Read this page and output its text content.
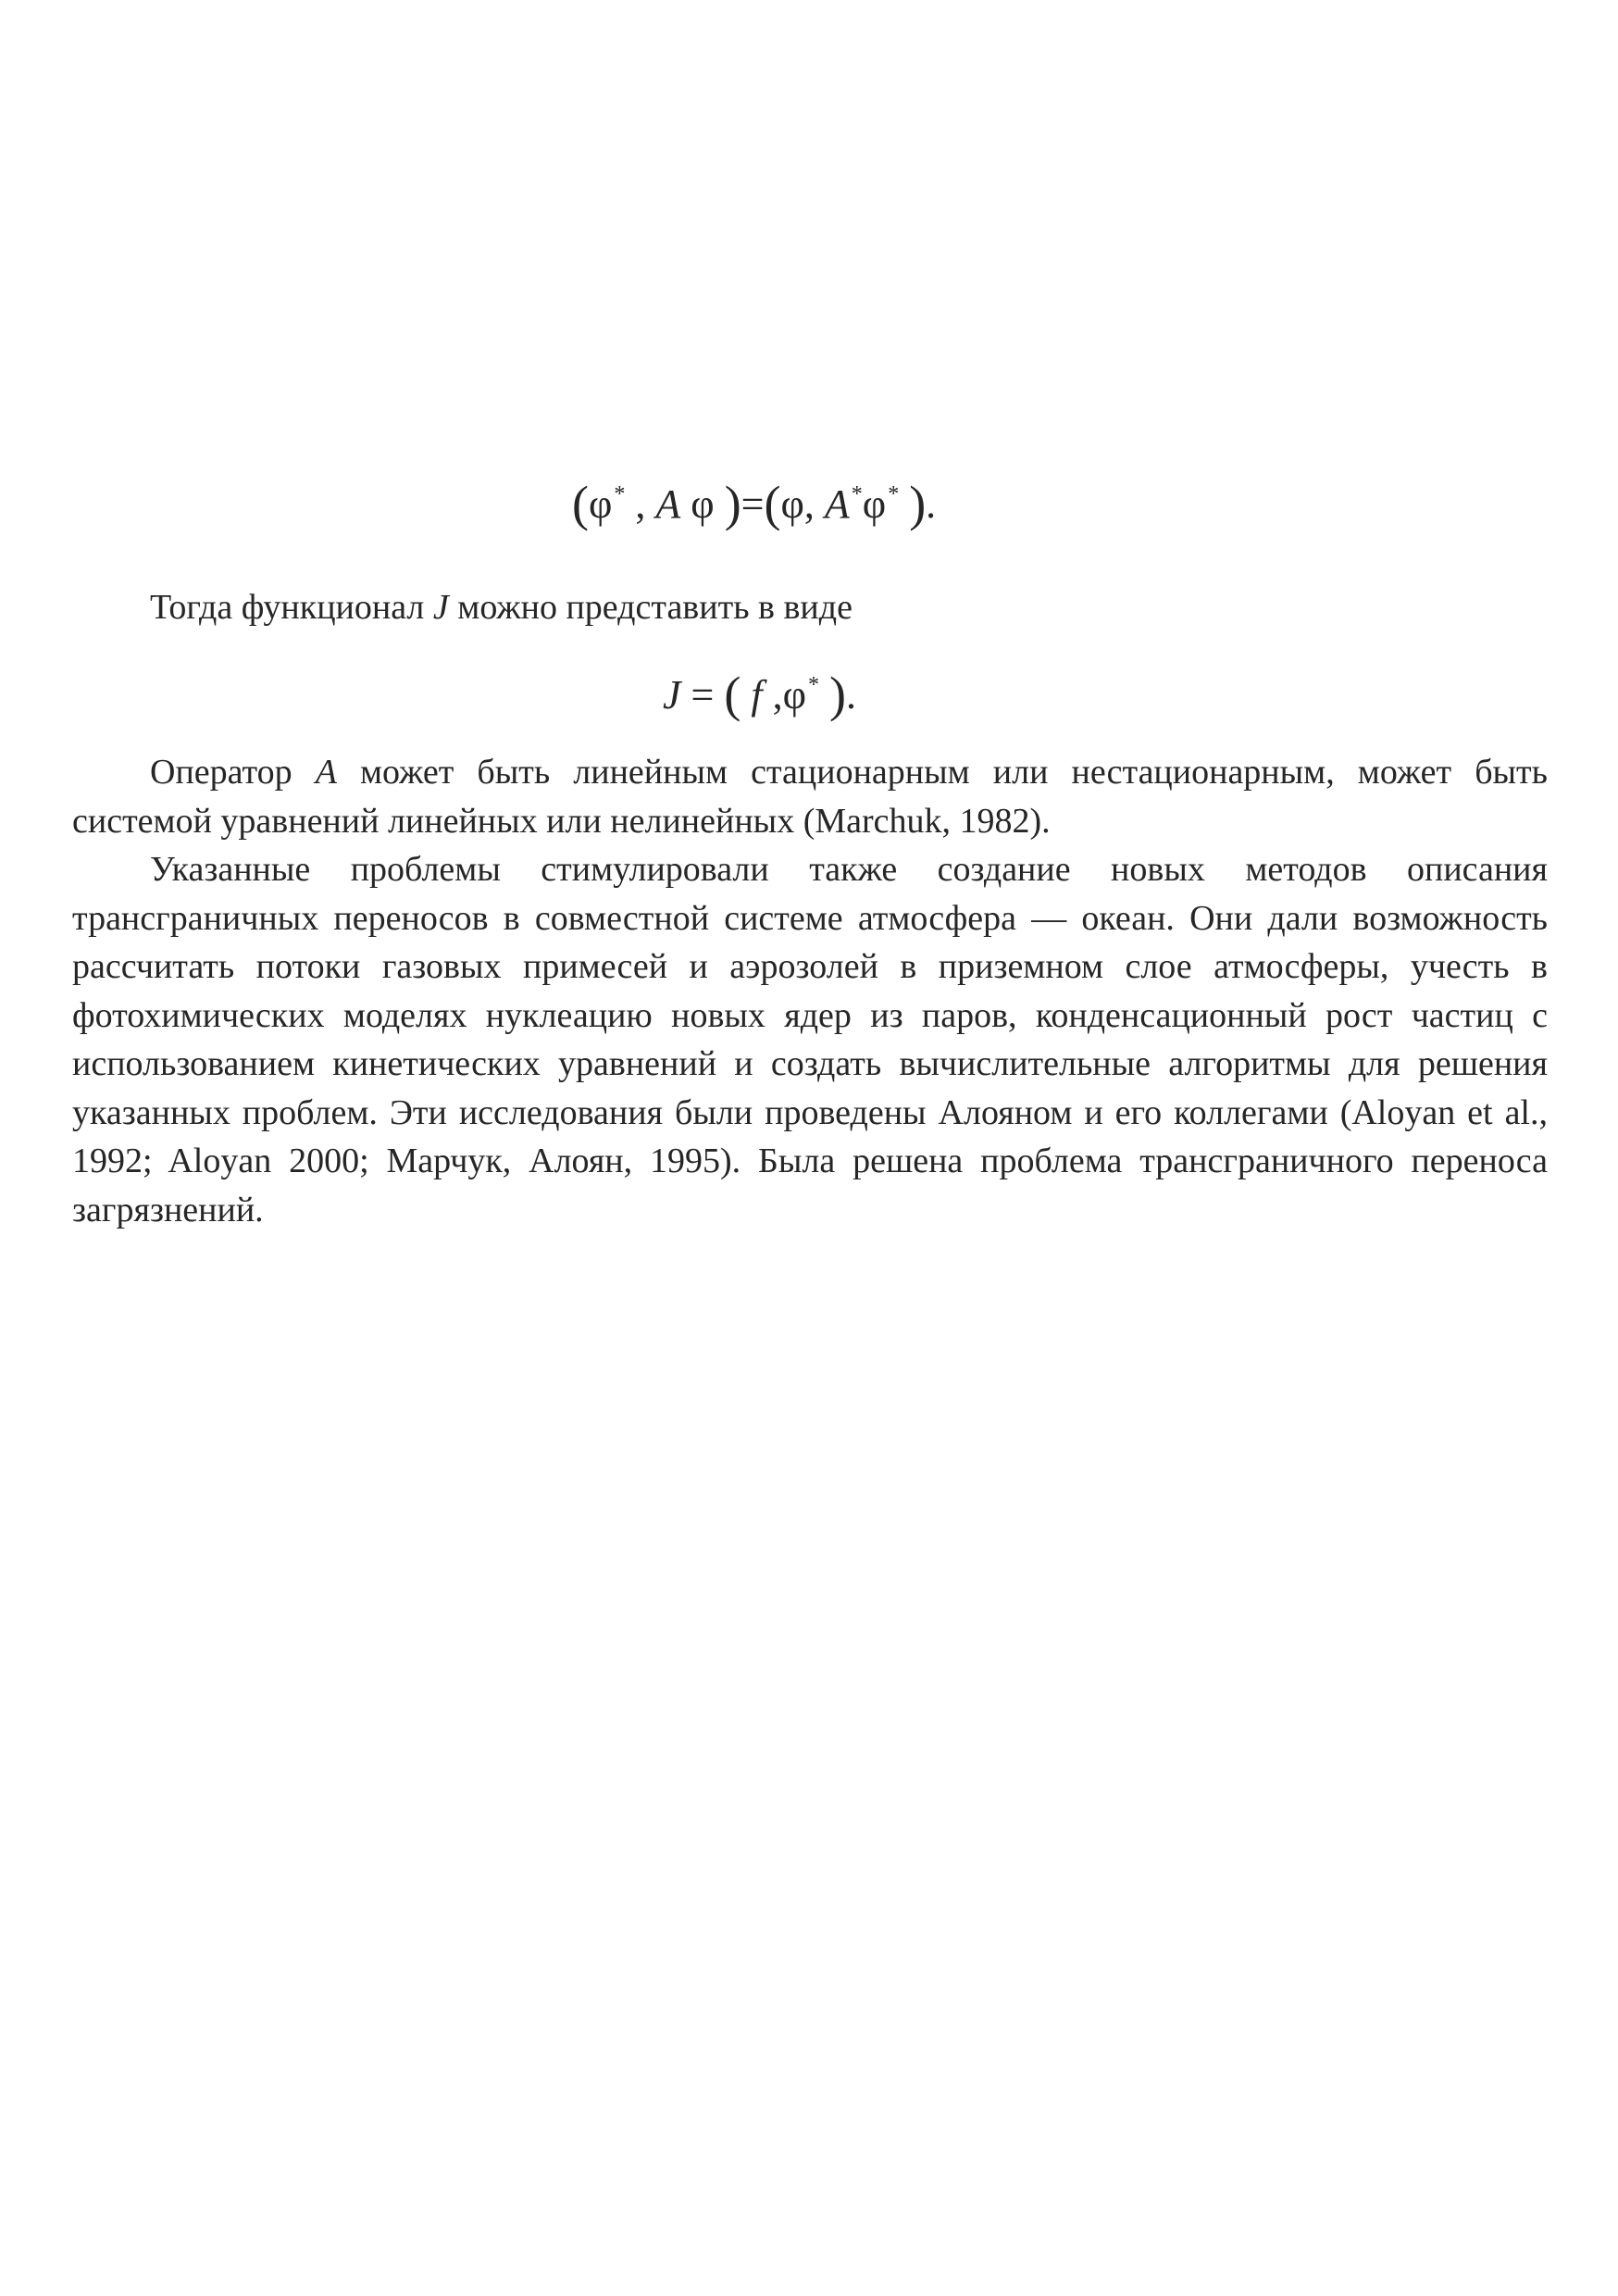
(φ* , A φ )=(φ, A*φ* ).

Тогда функционал J можно представить в виде

J = ( f ,φ* ).

Оператор A может быть линейным стационарным или нестационарным, может быть системой уравнений линейных или нелинейных (Marchuk, 1982).

Указанные проблемы стимулировали также создание новых методов описания трансграничных переносов в совместной системе атмосфера — океан. Они дали возможность рассчитать потоки газовых примесей и аэрозолей в приземном слое атмосферы, учесть в фотохимических моделях нуклеацию новых ядер из паров, конденсационный рост частиц с использованием кинетических уравнений и создать вычислительные алгоритмы для решения указанных проблем. Эти исследования были проведены Алояном и его коллегами (Aloyan et al., 1992; Aloyan 2000; Марчук, Алоян, 1995). Была решена проблема трансграничного переноса загрязнений.
